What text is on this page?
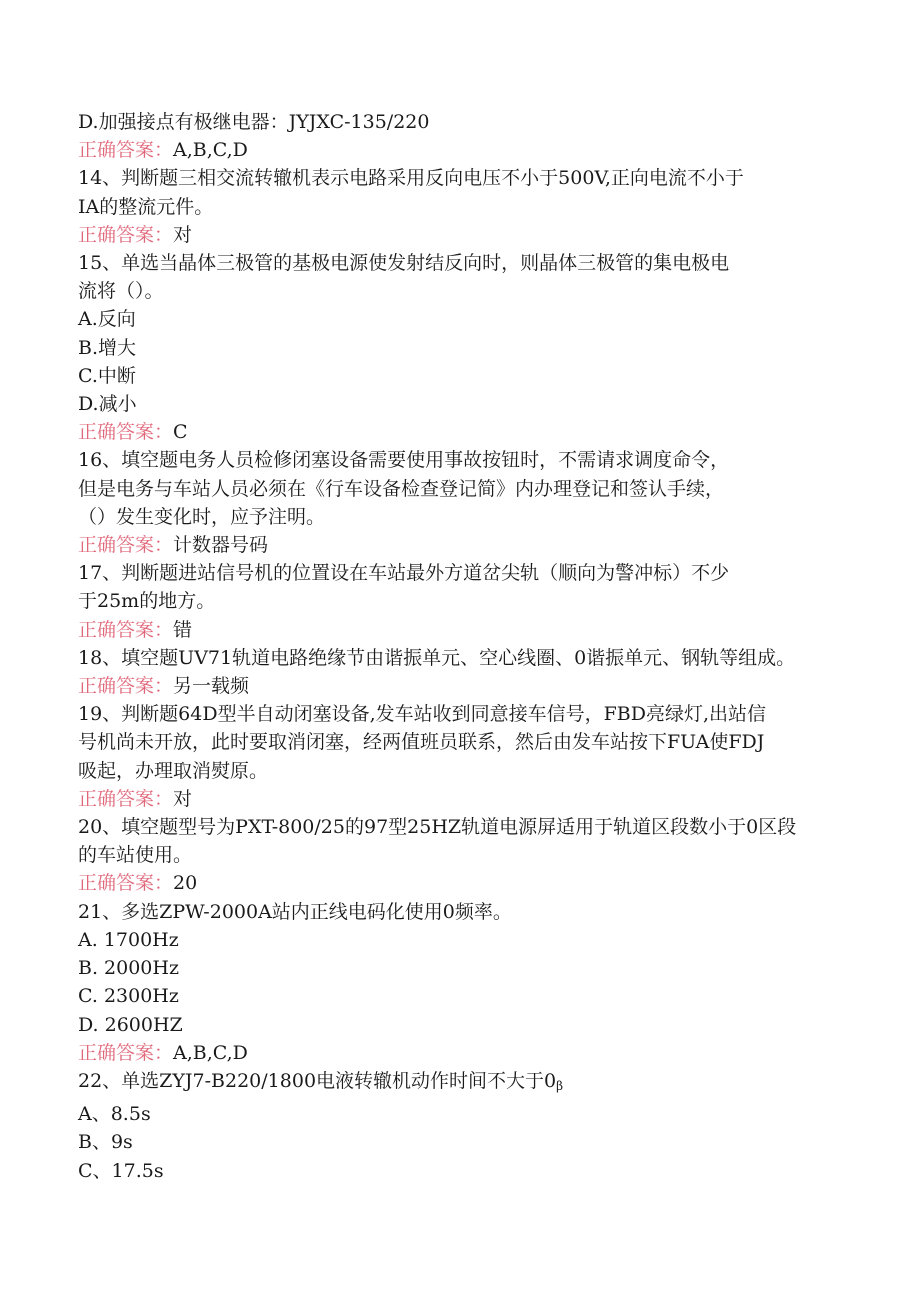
D.加强接点有极继电器：JYJXC-135/220

正确答案：A,B,C,D

14、判断题三相交流转辙机表示电路采用反向电压不小于500V,正向电流不小于

IA的整流元件。

正确答案：对

15、单选当晶体三极管的基极电源使发射结反向时，则晶体三极管的集电极电

流将（）。

A.反向

B.增大

C.中断

D.减小

正确答案：C

16、填空题电务人员检修闭塞设备需要使用事故按钮时，不需请求调度命令，

但是电务与车站人员必须在《行车设备检查登记简》内办理登记和签认手续，

（）发生变化时，应予注明。

正确答案：计数器号码

17、判断题进站信号机的位置设在车站最外方道岔尖轨（顺向为警冲标）不少

于25m的地方。

正确答案：错

18、填空题UV71轨道电路绝缘节由谐振单元、空心线圈、0谐振单元、钢轨等组成。

正确答案：另一载频

19、判断题64D型半自动闭塞设备,发车站收到同意接车信号，FBD亮绿灯,出站信

号机尚未开放，此时要取消闭塞，经两值班员联系，然后由发车站按下FUA使FDJ

吸起，办理取消熨原。

正确答案：对

20、填空题型号为PXT-800/25的97型25HZ轨道电源屏适用于轨道区段数小于0区段

的车站使用。

正确答案：20

21、多选ZPW-2000A站内正线电码化使用0频率。

A. 1700Hz

B. 2000Hz

C. 2300Hz

D. 2600HZ

正确答案：A,B,C,D

22、单选ZYJ7-B220/1800电液转辙机动作时间不大于0β

A、8.5s

B、9s

C、17.5s
